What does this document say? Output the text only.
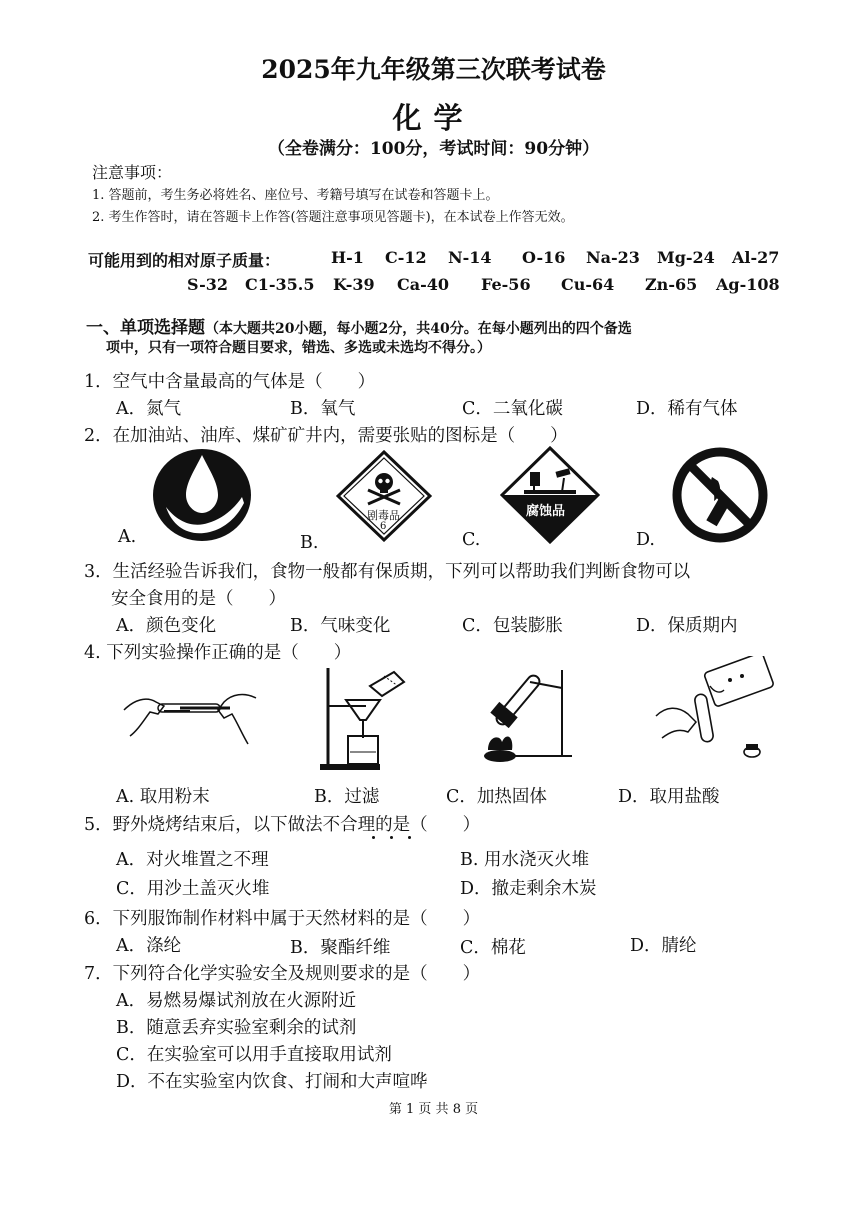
2025年九年级第三次联考试卷
化学
（全卷满分：100分，考试时间：90分钟）
注意事项：
1. 答题前，考生务必将姓名、座位号、考籍号填写在试卷和答题卡上。
2. 考生作答时，请在答题卡上作答(答题注意事项见答题卡)，在本试卷上作答无效。
可能用到的相对原子质量：	H-1 C-12 N-14 O-16 Na-23 Mg-24 Al-27
S-32 C1-35.5 K-39 Ca-40 Fe-56 Cu-64 Zn-65 Ag-108
一、单项选择题（本大题共20小题，每小题2分，共40分。在每小题列出的四个备选
项中，只有一项符合题目要求，错选、多选或未选均不得分。）
1．空气中含量最高的气体是（　　）
A．氮气	B．氧气	C．二氧化碳	D．稀有气体
2．在加油站、油库、煤矿矿井内，需要张贴的图标是（　　）
A.
剧毒品
6
B.
腐蚀品
C.	D.
3．生活经验告诉我们，食物一般都有保质期，下列可以帮助我们判断食物可以
安全食用的是（　　）
A．颜色变化	B．气味变化	C．包装膨胀	D．保质期内
4. 下列实验操作正确的是（　　）
A. 取用粉末	B．过滤	C．加热固体	D．取用盐酸
5．野外烧烤结束后，以下做法不合理的是（　　）
A．对火堆置之不理	B. 用水浇灭火堆
C．用沙土盖灭火堆	D．撤走剩余木炭
6．下列服饰制作材料中属于天然材料的是（　　）
A．涤纶	B．聚酯纤维	C．棉花	D．腈纶
7．下列符合化学实验安全及规则要求的是（　　）
A．易燃易爆试剂放在火源附近
B．随意丢弃实验室剩余的试剂
C．在实验室可以用手直接取用试剂
D．不在实验室内饮食、打闹和大声喧哗
第 1 页 共 8 页
